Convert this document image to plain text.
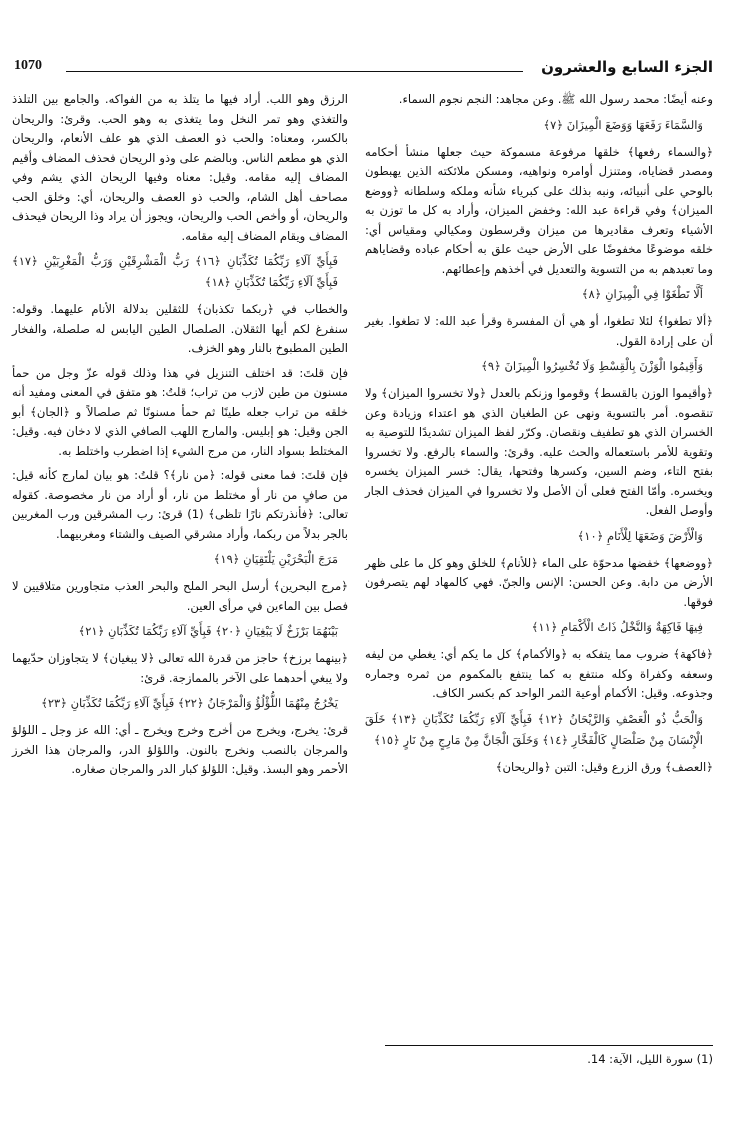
الجزء السابع والعشرون
1070

وعنه أيضًا: محمد رسول الله ﷺ. وعن مجاهد: النجم نجوم السماء.

وَالسَّمَاءَ رَفَعَهَا وَوَضَعَ الْمِيزَانَ ﴿٧﴾

﴿والسماء رفعها﴾ خلقها مرفوعة مسموكة حيث جعلها منشأ أحكامه ومصدر قضاياه، ومتنزل أوامره ونواهيه، ومسكن ملائكته الذين يهبطون بالوحي على أنبيائه، ونبه بذلك على كبرياء شأنه وملكه وسلطانه ﴿ووضع الميزان﴾ وفي قراءة عبد الله: وخفض الميزان، وأراد به كل ما توزن به الأشياء وتعرف مقاديرها من ميزان وقرسطون ومكيالي ومقياس أي: خلقه موضوعًا مخفوضًا على الأرض حيث علق به أحكام عباده وقضاياهم وما تعبدهم به من التسوية والتعديل في أخذهم وإعطائهم.

أَلَّا تَطْغَوْا فِي الْمِيزَانِ ﴿٨﴾

﴿ألا تطغوا﴾ لئلا تطغوا، أو هي أن المفسرة وقرأ عبد الله: لا تطغوا. بغير أن على إرادة القول.

وَأَقِيمُوا الْوَزْنَ بِالْقِسْطِ وَلَا تُخْسِرُوا الْمِيزَانَ ﴿٩﴾

﴿وأقيموا الوزن بالقسط﴾ وقوموا وزنكم بالعدل ﴿ولا تخسروا الميزان﴾ ولا تنقصوه. أمر بالتسوية ونهى عن الطغيان الذي هو اعتداء وزيادة وعن الخسران الذي هو تطفيف ونقصان. وكرّر لفظ الميزان تشديدًا للتوصية به وتقوية للأمر باستعماله والحث عليه. وقرئ: والسماء بالرفع. ولا تخسروا بفتح التاء، وضم السين، وكسرها وفتحها، يقال: خسر الميزان يخسره ويخسره. وأمّا الفتح فعلى أن الأصل ولا تخسروا في الميزان فحذف الجار وأوصل الفعل.

وَالْأَرْضَ وَضَعَهَا لِلْأَنَامِ ﴿١٠﴾

﴿ووضعها﴾ خفضها مدحوّة على الماء ﴿للأنام﴾ للخلق وهو كل ما على ظهر الأرض من دابة. وعن الحسن: الإنس والجنّ. فهي كالمهاد لهم يتصرفون فوقها.

فِيهَا فَاكِهَةٌ وَالنَّخْلُ ذَاتُ الْأَكْمَامِ ﴿١١﴾

﴿فاكهة﴾ ضروب مما يتفكه به ﴿والأكمام﴾ كل ما يكم أي: يغطي من ليفه وسعفه وكفراة وكله منتفع به كما ينتفع بالمكموم من ثمره وجماره وجذوعه. وقيل: الأكمام أوعية الثمر الواحد كم بكسر الكاف.

وَالْحَبُّ ذُو الْعَصْفِ وَالرَّيْحَانُ ﴿١٢﴾ فَبِأَيِّ آلَاءِ رَبِّكُمَا تُكَذِّبَانِ ﴿١٣﴾ خَلَقَ الْإِنْسَانَ مِنْ صَلْصَالٍ كَالْفَخَّارِ ﴿١٤﴾ وَخَلَقَ الْجَانَّ مِنْ مَارِجٍ مِنْ نَارٍ ﴿١٥﴾

﴿العصف﴾ ورق الزرع وقيل: التبن ﴿والريحان﴾

الرزق وهو اللب. أراد فيها ما يتلذ به من الفواكه. والجامع بين التلذذ والتغذي وهو تمر النخل وما يتغذى به وهو الحب. وقرئ: والريحان بالكسر، ومعناه: والحب ذو العصف الذي هو علف الأنعام، والريحان الذي هو مطعم الناس. وبالضم على وذو الريحان فحذف المضاف وأقيم المضاف إليه مقامه. وقيل: معناه وفيها الريحان الذي يشم وفي مصاحف أهل الشام، والحب ذو العصف والريحان، أي: وخلق الحب والريحان، أو وأخص الحب والريحان، ويجوز أن يراد وذا الريحان فيحذف المضاف ويقام المضاف إليه مقامه.

فَبِأَيِّ آلَاءِ رَبِّكُمَا تُكَذِّبَانِ ﴿١٦﴾ رَبُّ الْمَشْرِقَيْنِ وَرَبُّ الْمَغْرِبَيْنِ ﴿١٧﴾ فَبِأَيِّ آلَاءِ رَبِّكُمَا تُكَذِّبَانِ ﴿١٨﴾

والخطاب في ﴿ربكما تكذبان﴾ للثقلين بدلالة الأنام عليهما. وقوله: سنفرغ لكم أيها الثقلان. الصلصال الطين اليابس له صلصلة، والفخار الطين المطبوخ بالنار وهو الخزف.

فإن قلتَ: قد اختلف التنزيل في هذا وذلك قوله عزّ وجل من حمأ مسنون من طين لازب من تراب؛ قلتُ: هو متفق في المعنى ومفيد أنه خلقه من تراب جعله طينًا ثم حمأ مسنونًا ثم صلصالاً و ﴿الجان﴾ أبو الجن وقيل: هو إبليس. والمارج اللهب الصافي الذي لا دخان فيه. وقيل: المختلط بسواد النار، من مرج الشيء إذا اضطرب واختلط به.

فإن قلتَ: فما معنى قوله: ﴿من نار﴾؟ قلتُ: هو بيان لمارج كأنه قيل: من صافٍ من نار أو مختلط من نار، أو أراد من نار مخصوصة. كقوله تعالى: ﴿فأنذرتكم نارًا تلظى﴾ (1) قرئ: رب المشرقين ورب المغربين بالجر بدلاً من ربكما، وأراد مشرقي الصيف والشتاء ومغربيهما.

مَرَجَ الْبَحْرَيْنِ يَلْتَقِيَانِ ﴿١٩﴾

﴿مرج البحرين﴾ أرسل البحر الملح والبحر العذب متجاورين متلاقيين لا فصل بين الماءين في مرأى العين.

بَيْنَهُمَا بَرْزَخٌ لَا يَبْغِيَانِ ﴿٢٠﴾ فَبِأَيِّ آلَاءِ رَبِّكُمَا تُكَذِّبَانِ ﴿٢١﴾

﴿بينهما برزخ﴾ حاجز من قدرة الله تعالى ﴿لا يبغيان﴾ لا يتجاوزان حدّيهما ولا يبغي أحدهما على الآخر بالممازجة. قرئ:

يَخْرُجُ مِنْهُمَا اللُّؤْلُؤُ وَالْمَرْجَانُ ﴿٢٢﴾ فَبِأَيِّ آلَاءِ رَبِّكُمَا تُكَذِّبَانِ ﴿٢٣﴾

قرئ: يخرج، ويخرج من أخرج وخرج ويخرج ـ أي: الله عز وجل ـ اللؤلؤ والمرجان بالنصب ونخرج بالنون. واللؤلؤ الدر، والمرجان هذا الخرز الأحمر وهو البسذ. وقيل: اللؤلؤ كبار الدر والمرجان صغاره.

(1) سورة الليل، الآية: 14.
